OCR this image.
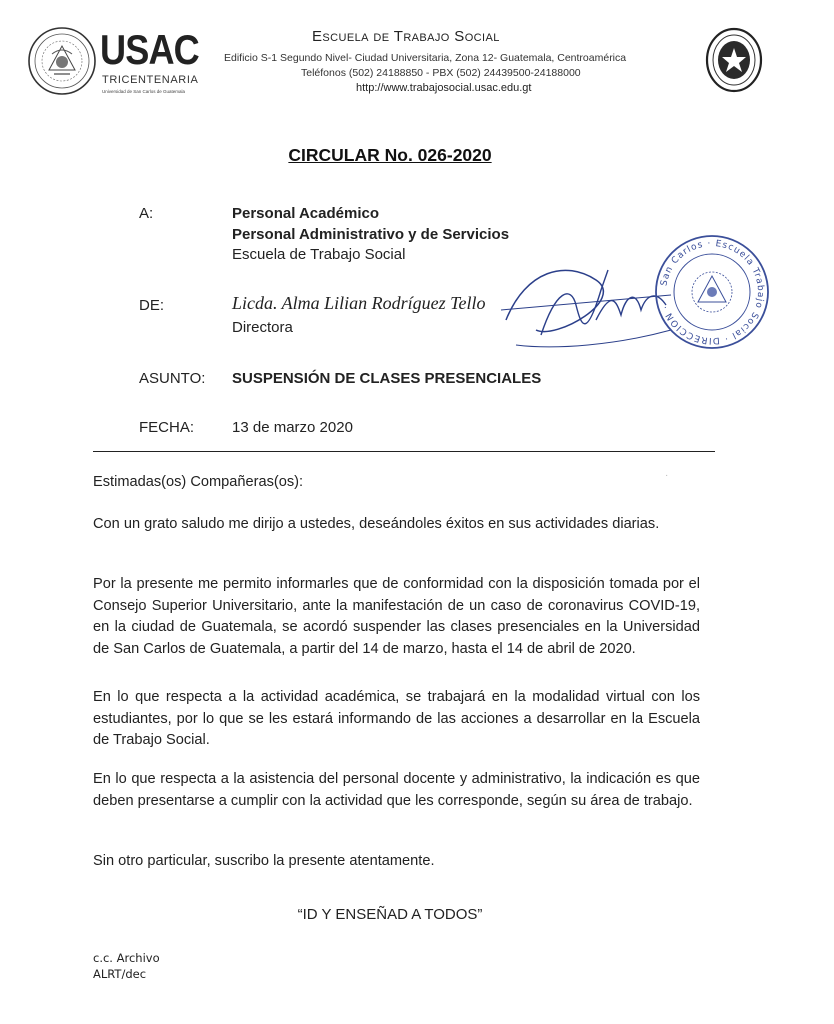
USAC
TRICENTENARIA
Universidad de San Carlos de Guatemala
Escuela de Trabajo Social
Edificio S-1 Segundo Nivel- Ciudad Universitaria, Zona 12- Guatemala, Centroamérica
Teléfonos (502) 24188850 - PBX (502) 24439500-24188000
http://www.trabajosocial.usac.edu.gt
CIRCULAR No. 026-2020
A:	Personal Académico
Personal Administrativo y de Servicios
Escuela de Trabajo Social
DE:	Licda. Alma Lilian Rodríguez Tello
Directora
San Carlos · Escuela Trabajo Social · DIRECCION ·
ASUNTO: SUSPENSIÓN DE CLASES PRESENCIALES
FECHA:	13 de marzo 2020
·
Estimadas(os) Compañeras(os):
Con un grato saludo me dirijo a ustedes, deseándoles éxitos en sus actividades diarias.
Por la presente me permito informarles que de conformidad con la disposición tomada por el Consejo Superior Universitario, ante la manifestación de un caso de coronavirus COVID-19, en la ciudad de Guatemala, se acordó suspender las clases presenciales en la Universidad de San Carlos de Guatemala, a partir del 14 de marzo, hasta el 14 de abril de 2020.
En lo que respecta a la actividad académica, se trabajará en la modalidad virtual con los estudiantes, por lo que se les estará informando de las acciones a desarrollar en la Escuela de Trabajo Social.
En lo que respecta a la asistencia del personal docente y administrativo, la indicación es que deben presentarse a cumplir con la actividad que les corresponde, según su área de trabajo.
Sin otro particular, suscribo la presente atentamente.
“ID Y ENSEÑAD A TODOS”
c.c. Archivo
ALRT/dec
